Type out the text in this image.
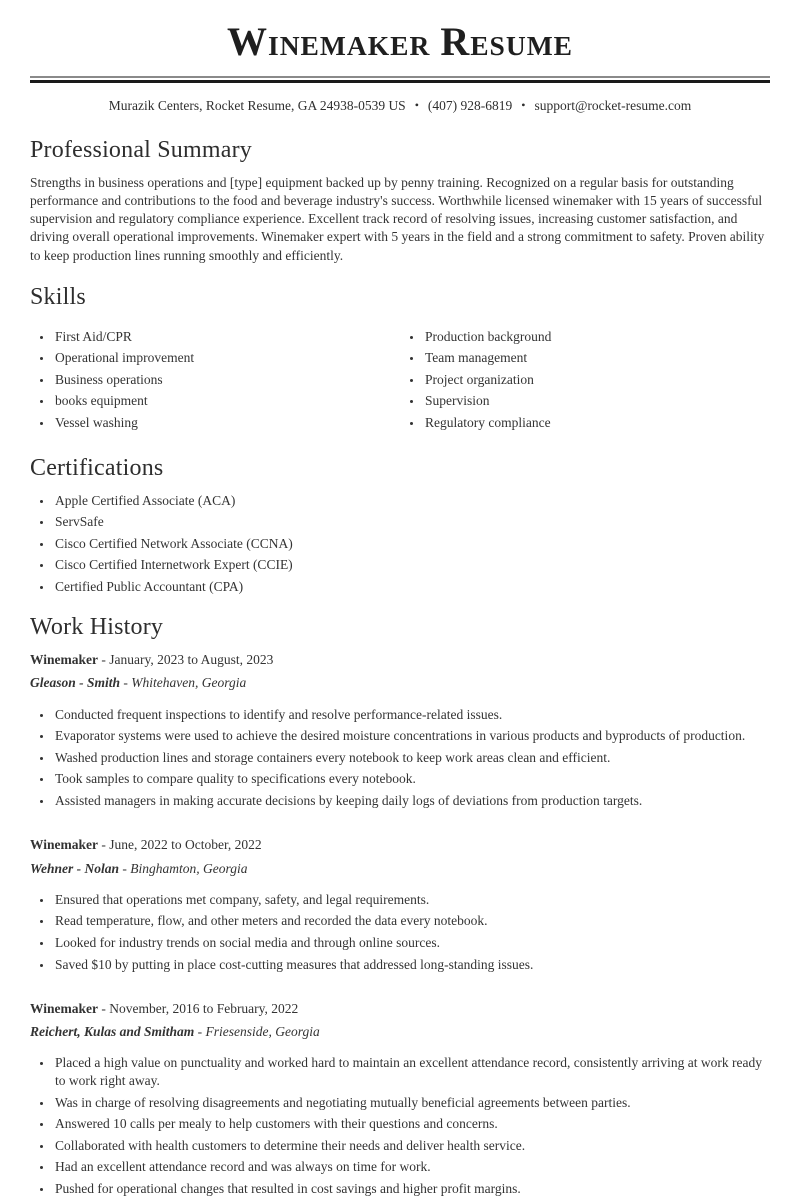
WINEMAKER RESUME
Murazik Centers, Rocket Resume, GA 24938-0539 US • (407) 928-6819 • support@rocket-resume.com
Professional Summary

Strengths in business operations and [type] equipment backed up by penny training. Recognized on a regular basis for outstanding performance and contributions to the food and beverage industry's success. Worthwhile licensed winemaker with 15 years of successful supervision and regulatory compliance experience. Excellent track record of resolving issues, increasing customer satisfaction, and driving overall operational improvements. Winemaker expert with 5 years in the field and a strong commitment to safety. Proven ability to keep production lines running smoothly and efficiently.

Skills
• First Aid/CPR
• Operational improvement
• Business operations
• books equipment
• Vessel washing
• Production background
• Team management
• Project organization
• Supervision
• Regulatory compliance
Certifications
• Apple Certified Associate (ACA)
• ServSafe
• Cisco Certified Network Associate (CCNA)
• Cisco Certified Internetwork Expert (CCIE)
• Certified Public Accountant (CPA)
Work History
Winemaker - January, 2023 to August, 2023
Gleason - Smith - Whitehaven, Georgia
• Conducted frequent inspections to identify and resolve performance-related issues.
• Evaporator systems were used to achieve the desired moisture concentrations in various products and byproducts of production.
• Washed production lines and storage containers every notebook to keep work areas clean and efficient.
• Took samples to compare quality to specifications every notebook.
• Assisted managers in making accurate decisions by keeping daily logs of deviations from production targets.
Winemaker - June, 2022 to October, 2022
Wehner - Nolan - Binghamton, Georgia
• Ensured that operations met company, safety, and legal requirements.
• Read temperature, flow, and other meters and recorded the data every notebook.
• Looked for industry trends on social media and through online sources.
• Saved $10 by putting in place cost-cutting measures that addressed long-standing issues.
Winemaker - November, 2016 to February, 2022
Reichert, Kulas and Smitham - Friesenside, Georgia
• Placed a high value on punctuality and worked hard to maintain an excellent attendance record, consistently arriving at work ready to work right away.
• Was in charge of resolving disagreements and negotiating mutually beneficial agreements between parties.
• Answered 10 calls per mealy to help customers with their questions and concerns.
• Collaborated with health customers to determine their needs and deliver health service.
• Had an excellent attendance record and was always on time for work.
• Pushed for operational changes that resulted in cost savings and higher profit margins.
